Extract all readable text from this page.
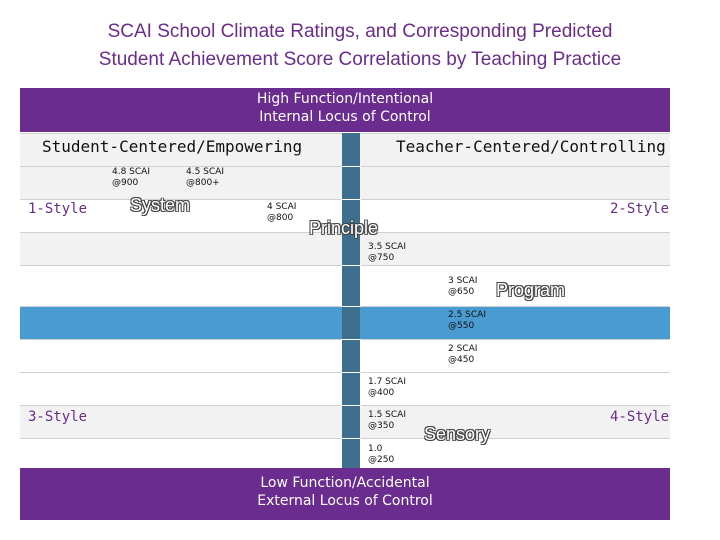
SCAI School Climate Ratings, and Corresponding Predicted
Student Achievement Score Correlations by Teaching Practice
High Function/Intentional
Internal Locus of Control
Student-Centered/Empowering	Teacher-Centered/Controlling
1-Style	2-Style
3-Style	4-Style
System
Principle
Program
Sensory
4.8 SCAI
@900
4.5 SCAI
@800+
4 SCAI
@800
3.5 SCAI
@750
3 SCAI
@650
2.5 SCAI
@550
2 SCAI
@450
1.7 SCAI
@400
1.5 SCAI
@350
1.0
@250
Low Function/Accidental
External Locus of Control
